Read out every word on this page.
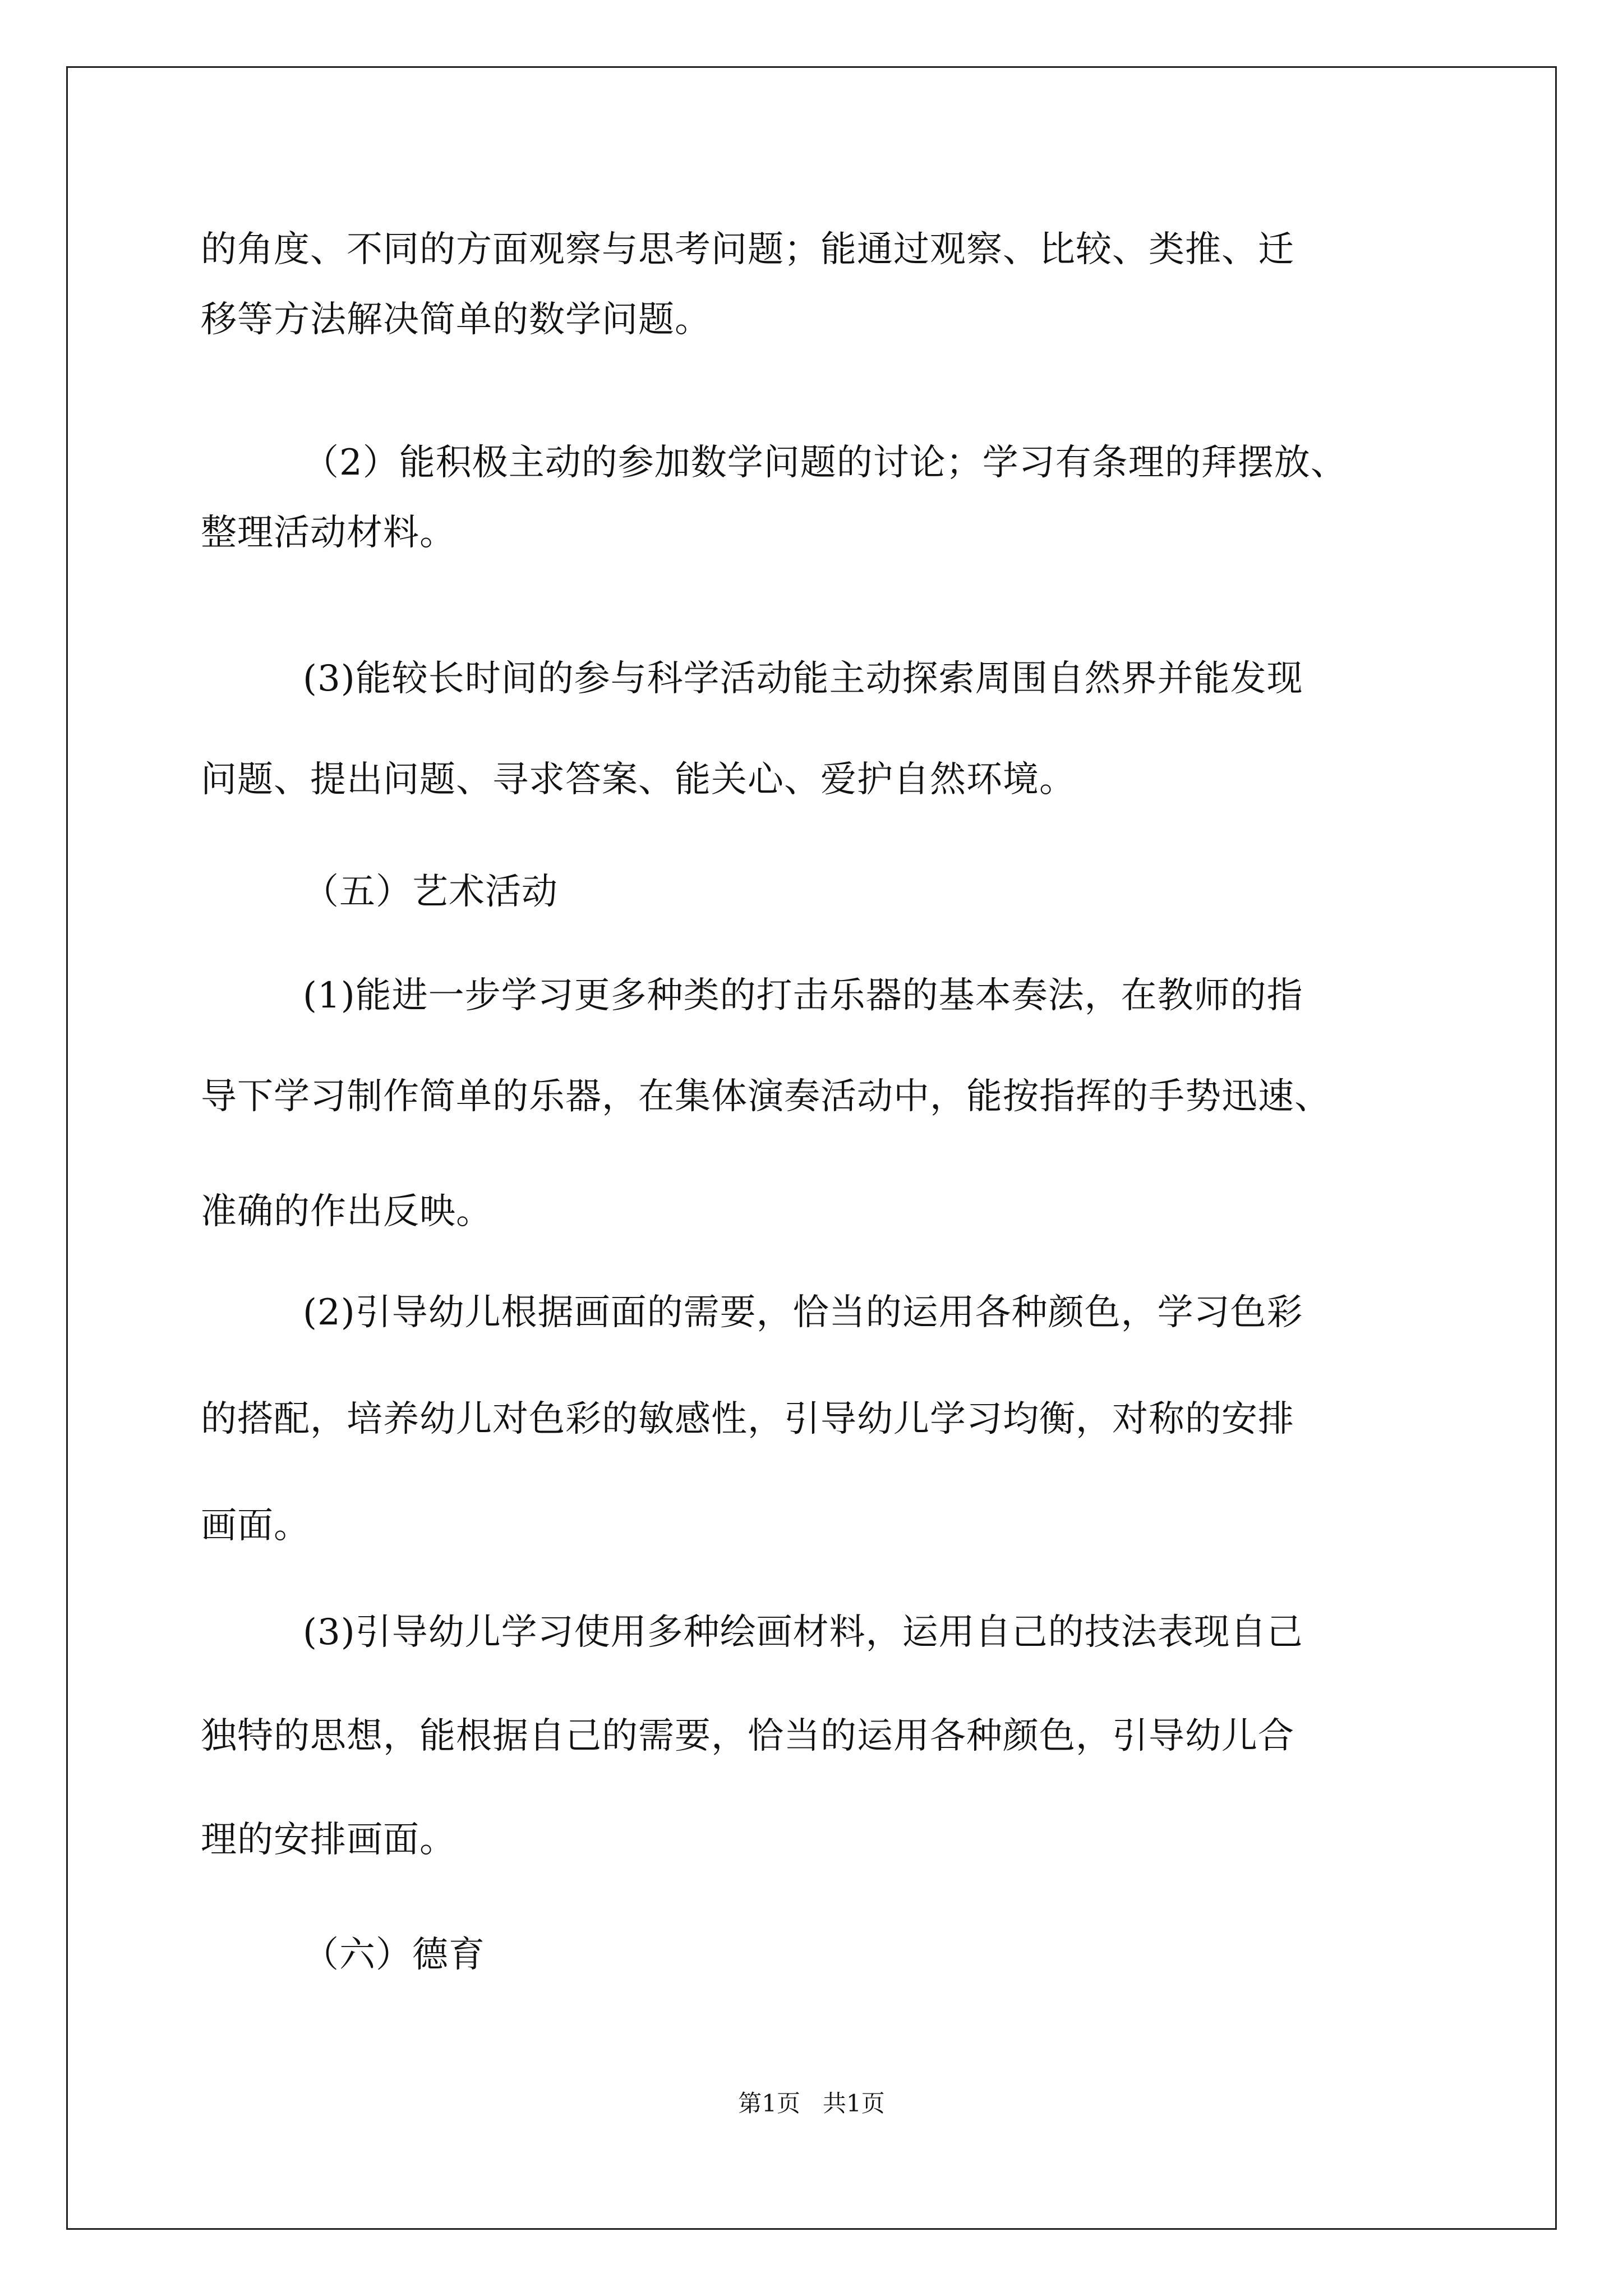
的角度、不同的方面观察与思考问题；能通过观察、比较、类推、迁
移等方法解决简单的数学问题。
（2）能积极主动的参加数学问题的讨论；学习有条理的拜摆放、
整理活动材料。
(3)能较长时间的参与科学活动能主动探索周围自然界并能发现
问题、提出问题、寻求答案、能关心、爱护自然环境。
（五）艺术活动
(1)能进一步学习更多种类的打击乐器的基本奏法，在教师的指
导下学习制作简单的乐器，在集体演奏活动中，能按指挥的手势迅速、
准确的作出反映。
(2)引导幼儿根据画面的需要，恰当的运用各种颜色，学习色彩
的搭配，培养幼儿对色彩的敏感性，引导幼儿学习均衡，对称的安排
画面。
(3)引导幼儿学习使用多种绘画材料，运用自己的技法表现自己
独特的思想，能根据自己的需要，恰当的运用各种颜色，引导幼儿合
理的安排画面。
（六）德育
第1页   共1页
